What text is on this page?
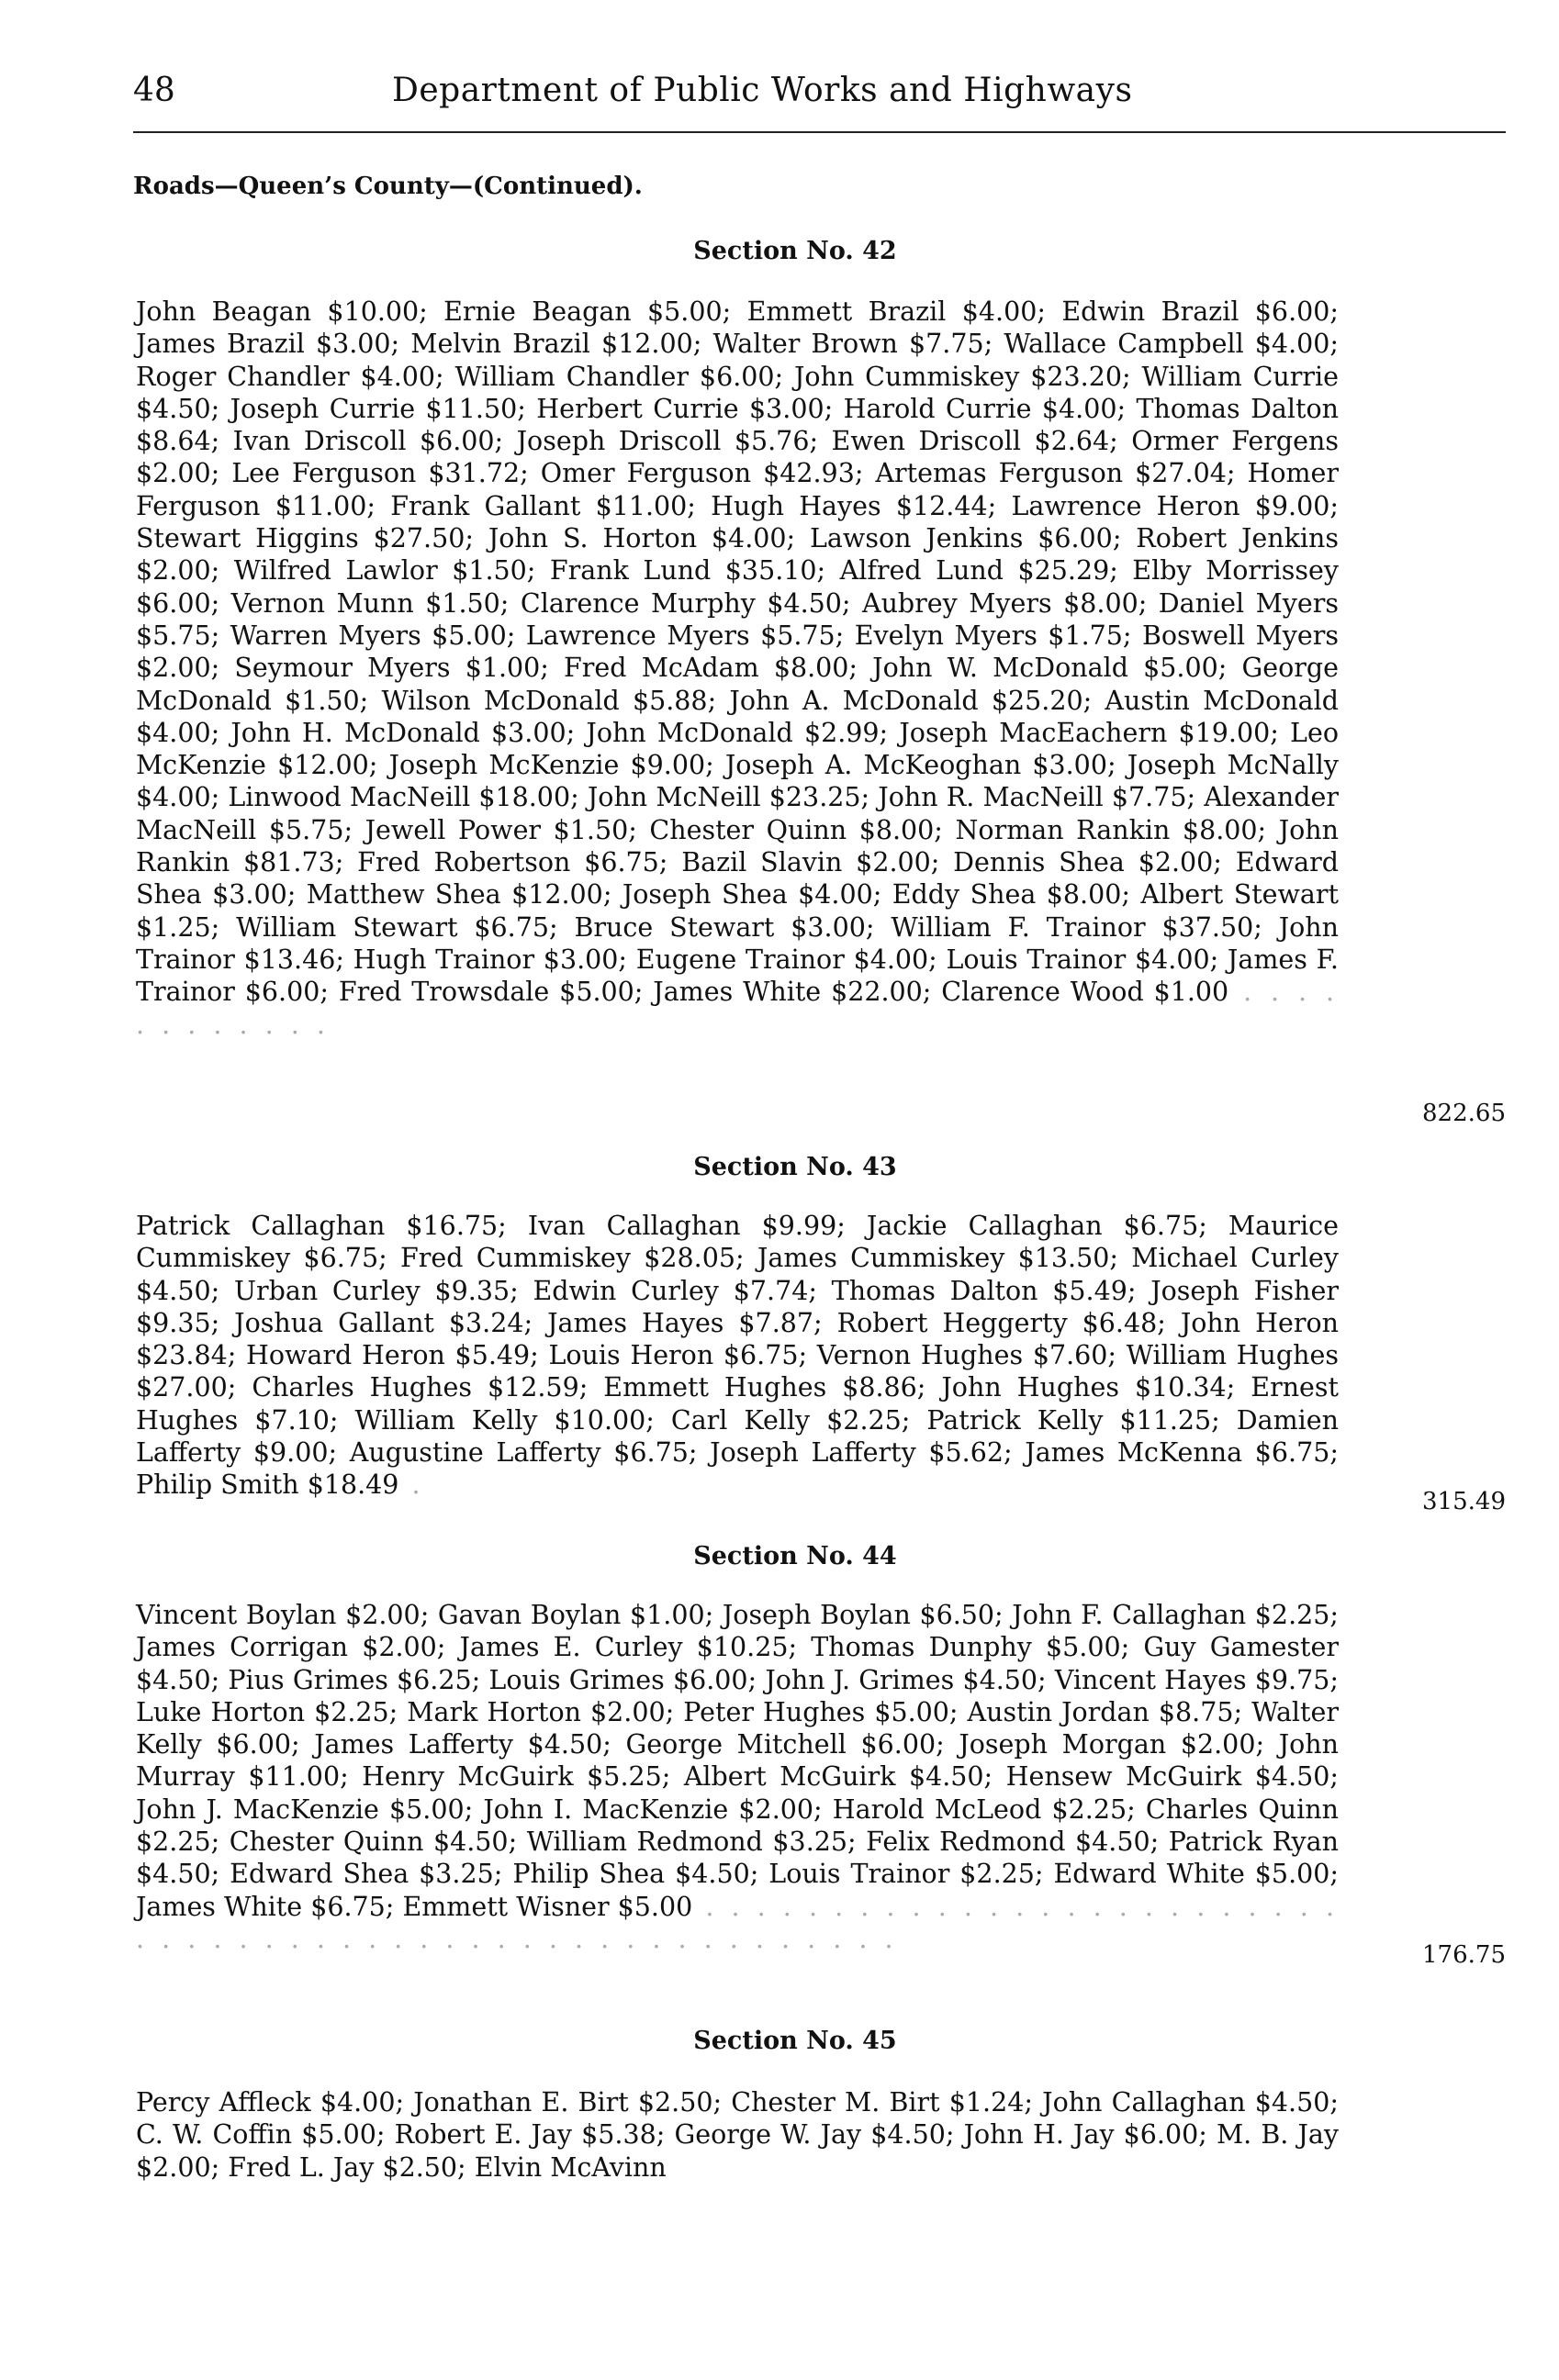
48	Department of Public Works and Highways
Roads—Queen’s County—(Continued).
Section No. 42
John Beagan $10.00; Ernie Beagan $5.00; Emmett Brazil $4.00; Edwin Brazil $6.00; James Brazil $3.00; Melvin Brazil $12.00; Walter Brown $7.75; Wallace Campbell $4.00; Roger Chandler $4.00; William Chandler $6.00; John Cummiskey $23.20; William Currie $4.50; Joseph Currie $11.50; Herbert Currie $3.00; Harold Currie $4.00; Thomas Dalton $8.64; Ivan Driscoll $6.00; Joseph Driscoll $5.76; Ewen Driscoll $2.64; Ormer Fergens $2.00; Lee Ferguson $31.72; Omer Ferguson $42.93; Artemas Ferguson $27.04; Homer Ferguson $11.00; Frank Gallant $11.00; Hugh Hayes $12.44; Lawrence Heron $9.00; Stewart Higgins $27.50; John S. Horton $4.00; Lawson Jenkins $6.00; Robert Jenkins $2.00; Wilfred Lawlor $1.50; Frank Lund $35.10; Alfred Lund $25.29; Elby Morrissey $6.00; Vernon Munn $1.50; Clarence Murphy $4.50; Aubrey Myers $8.00; Daniel Myers $5.75; Warren Myers $5.00; Lawrence Myers $5.75; Evelyn Myers $1.75; Boswell Myers $2.00; Seymour Myers $1.00; Fred McAdam $8.00; John W. McDonald $5.00; George McDonald $1.50; Wilson McDonald $5.88; John A. McDonald $25.20; Austin McDonald $4.00; John H. McDonald $3.00; John McDonald $2.99; Joseph MacEachern $19.00; Leo McKenzie $12.00; Joseph McKenzie $9.00; Joseph A. McKeoghan $3.00; Joseph McNally $4.00; Linwood MacNeill $18.00; John McNeill $23.25; John R. MacNeill $7.75; Alexander MacNeill $5.75; Jewell Power $1.50; Chester Quinn $8.00; Norman Rankin $8.00; John Rankin $81.73; Fred Robertson $6.75; Bazil Slavin $2.00; Dennis Shea $2.00; Edward Shea $3.00; Matthew Shea $12.00; Joseph Shea $4.00; Eddy Shea $8.00; Albert Stewart $1.25; William Stewart $6.75; Bruce Stewart $3.00; William F. Trainor $37.50; John Trainor $13.46; Hugh Trainor $3.00; Eugene Trainor $4.00; Louis Trainor $4.00; James F. Trainor $6.00; Fred Trowsdale $5.00; James White $22.00; Clarence Wood $1.00 . . . . . . . . . . . .
822.65
Section No. 43
Patrick Callaghan $16.75; Ivan Callaghan $9.99; Jackie Callaghan $6.75; Maurice Cummiskey $6.75; Fred Cummiskey $28.05; James Cummiskey $13.50; Michael Curley $4.50; Urban Curley $9.35; Edwin Curley $7.74; Thomas Dalton $5.49; Joseph Fisher $9.35; Joshua Gallant $3.24; James Hayes $7.87; Robert Heggerty $6.48; John Heron $23.84; Howard Heron $5.49; Louis Heron $6.75; Vernon Hughes $7.60; William Hughes $27.00; Charles Hughes $12.59; Emmett Hughes $8.86; John Hughes $10.34; Ernest Hughes $7.10; William Kelly $10.00; Carl Kelly $2.25; Patrick Kelly $11.25; Damien Lafferty $9.00; Augustine Lafferty $6.75; Joseph Lafferty $5.62; James McKenna $6.75; Philip Smith $18.49 .
315.49
Section No. 44
Vincent Boylan $2.00; Gavan Boylan $1.00; Joseph Boylan $6.50; John F. Callaghan $2.25; James Corrigan $2.00; James E. Curley $10.25; Thomas Dunphy $5.00; Guy Gamester $4.50; Pius Grimes $6.25; Louis Grimes $6.00; John J. Grimes $4.50; Vincent Hayes $9.75; Luke Horton $2.25; Mark Horton $2.00; Peter Hughes $5.00; Austin Jordan $8.75; Walter Kelly $6.00; James Lafferty $4.50; George Mitchell $6.00; Joseph Morgan $2.00; John Murray $11.00; Henry McGuirk $5.25; Albert McGuirk $4.50; Hensew McGuirk $4.50; John J. MacKenzie $5.00; John I. MacKenzie $2.00; Harold McLeod $2.25; Charles Quinn $2.25; Chester Quinn $4.50; William Redmond $3.25; Felix Redmond $4.50; Patrick Ryan $4.50; Edward Shea $3.25; Philip Shea $4.50; Louis Trainor $2.25; Edward White $5.00; James White $6.75; Emmett Wisner $5.00 . . . . . . . . . . . . . . . . . . . . . . . . . . . . . . . . . . . . . . . . . . . . . . . . . . . . . . .
176.75
Section No. 45
Percy Affleck $4.00; Jonathan E. Birt $2.50; Chester M. Birt $1.24; John Callaghan $4.50; C. W. Coffin $5.00; Robert E. Jay $5.38; George W. Jay $4.50; John H. Jay $6.00; M. B. Jay $2.00; Fred L. Jay $2.50; Elvin McAvinn
